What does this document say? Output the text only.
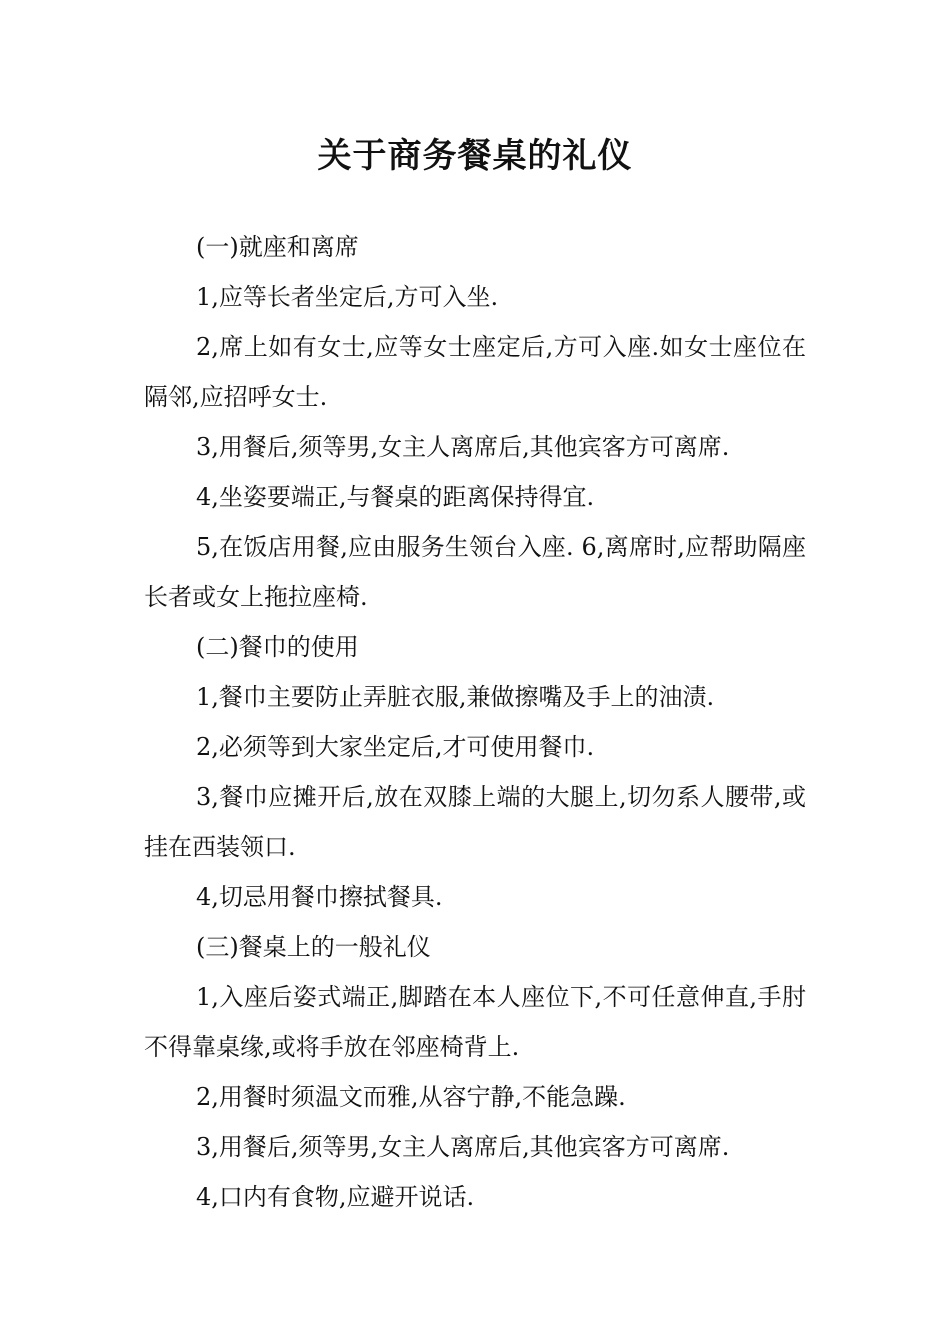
关于商务餐桌的礼仪

(一)就座和离席

1,应等长者坐定后,方可入坐.

2,席上如有女士,应等女士座定后,方可入座.如女士座位在隔邻,应招呼女士.

3,用餐后,须等男,女主人离席后,其他宾客方可离席.

4,坐姿要端正,与餐桌的距离保持得宜.

5,在饭店用餐,应由服务生领台入座. 6,离席时,应帮助隔座长者或女上拖拉座椅.

(二)餐巾的使用

1,餐巾主要防止弄脏衣服,兼做擦嘴及手上的油渍.

2,必须等到大家坐定后,才可使用餐巾.

3,餐巾应摊开后,放在双膝上端的大腿上,切勿系人腰带,或挂在西装领口.

4,切忌用餐巾擦拭餐具.

(三)餐桌上的一般礼仪

1,入座后姿式端正,脚踏在本人座位下,不可任意伸直,手肘不得靠桌缘,或将手放在邻座椅背上.

2,用餐时须温文而雅,从容宁静,不能急躁.

3,用餐后,须等男,女主人离席后,其他宾客方可离席.

4,口内有食物,应避开说话.
